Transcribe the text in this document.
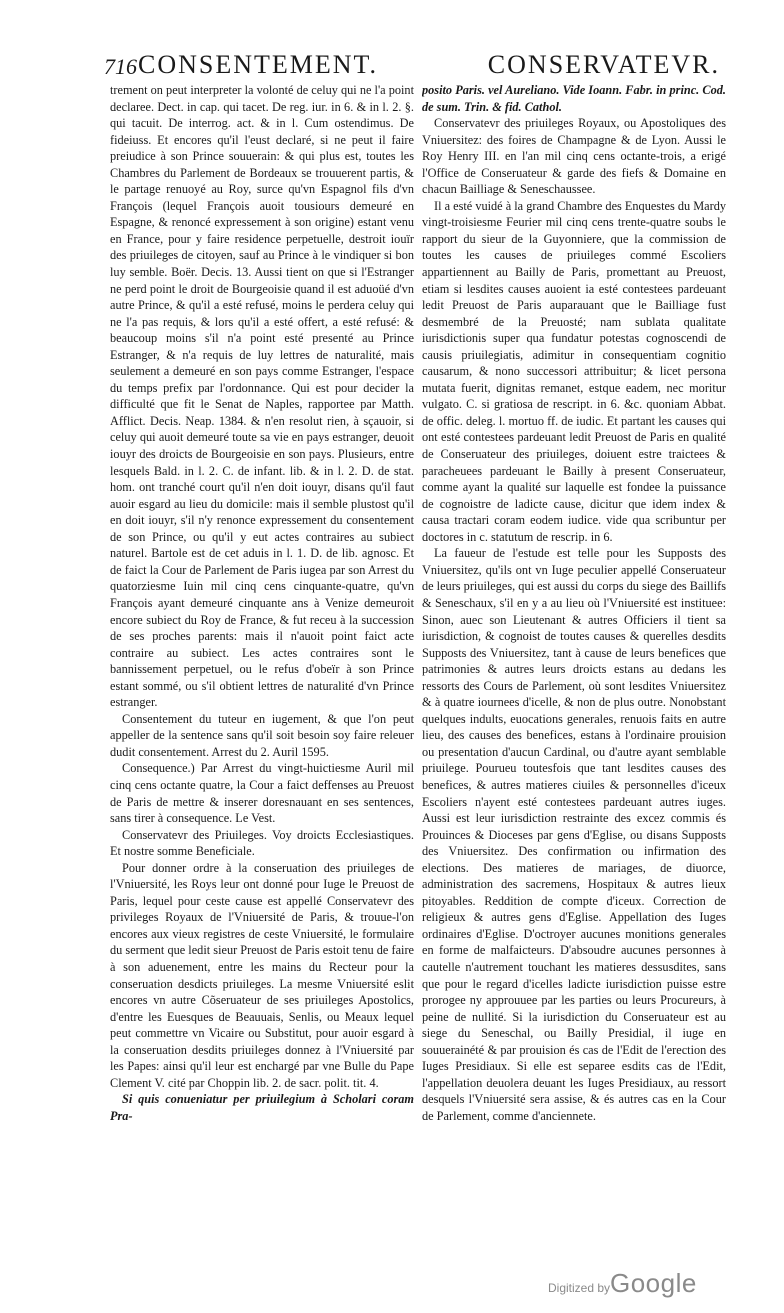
716 CONSENTEMENT.	CONSERVATEVR.

trement on peut interpreter la volonté de celuy qui ne l'a point declaree. Dect. in cap. qui tacet. De reg. iur. in 6. & in l. 2. §. qui tacuit. De interrog. act. & in l. Cum ostendimus. De fideiuss. Et encores qu'il l'eust declaré, si ne peut il faire preiudice à son Prince souuerain: & qui plus est, toutes les Chambres du Parlement de Bordeaux se trouuerent partis, & le partage renuoyé au Roy, surce qu'vn Espagnol fils d'vn François (lequel François auoit tousiours demeuré en Espagne, & renoncé expressement à son origine) estant venu en France, pour y faire residence perpetuelle, destroit iouïr des priuileges de citoyen, sauf au Prince à le vindiquer si bon luy semble. Boër. Decis. 13. Aussi tient on que si l'Estranger ne perd point le droit de Bourgeoisie quand il est aduoüé d'vn autre Prince, & qu'il a esté refusé, moins le perdera celuy qui ne l'a pas requis, & lors qu'il a esté offert, a esté refusé: & beaucoup moins s'il n'a point esté presenté au Prince Estranger, & n'a requis de luy lettres de naturalité, mais seulement a demeuré en son pays comme Estranger, l'espace du temps prefix par l'ordonnance. Qui est pour decider la difficulté que fit le Senat de Naples, rapportee par Matth. Afflict. Decis. Neap. 1384. & n'en resolut rien, à sçauoir, si celuy qui auoit demeuré toute sa vie en pays estranger, deuoit iouyr des droicts de Bourgeoisie en son pays. Plusieurs, entre lesquels Bald. in l. 2. C. de infant. lib. & in l. 2. D. de stat. hom. ont tranché court qu'il n'en doit iouyr, disans qu'il faut auoir esgard au lieu du domicile: mais il semble plustost qu'il en doit iouyr, s'il n'y renonce expressement du consentement de son Prince, ou qu'il y eut actes contraires au subiect naturel. Bartole est de cet aduis in l. 1. D. de lib. agnosc. Et de faict la Cour de Parlement de Paris iugea par son Arrest du quatorziesme Iuin mil cinq cens cinquante-quatre, qu'vn François ayant demeuré cinquante ans à Venize demeuroit encore subiect du Roy de France, & fut receu à la succession de ses proches parents: mais il n'auoit point faict acte contraire au subiect. Les actes contraires sont le bannissement perpetuel, ou le refus d'obeïr à son Prince estant sommé, ou s'il obtient lettres de naturalité d'vn Prince estranger.

Consentement du tuteur en iugement, & que l'on peut appeller de la sentence sans qu'il soit besoin soy faire releuer dudit consentement. Arrest du 2. Auril 1595.

Consequence.) Par Arrest du vingt-huictiesme Auril mil cinq cens octante quatre, la Cour a faict deffenses au Preuost de Paris de mettre & inserer doresnauant en ses sentences, sans tirer à consequence. Le Vest.

Conservatevr des Priuileges. Voy droicts Ecclesiastiques. Et nostre somme Beneficiale.

Pour donner ordre à la conseruation des priuileges de l'Vniuersité, les Roys leur ont donné pour Iuge le Preuost de Paris, lequel pour ceste cause est appellé Conservatevr des privileges Royaux de l'Vniuersité de Paris, & trouue-l'on encores aux vieux registres de ceste Vniuersité, le formulaire du serment que ledit sieur Preuost de Paris estoit tenu de faire à son aduenement, entre les mains du Recteur pour la conseruation desdicts priuileges. La mesme Vniuersité eslit encores vn autre Cõseruateur de ses priuileges Apostolics, d'entre les Euesques de Beauuais, Senlis, ou Meaux lequel peut commettre vn Vicaire ou Substitut, pour auoir esgard à la conseruation desdits priuileges donnez à l'Vniuersité par les Papes: ainsi qu'il leur est enchargé par vne Bulle du Pape Clement V. cité par Choppin lib. 2. de sacr. polit. tit. 4.

Si quis conueniatur per priuilegium à Scholari coram Pra-

posito Paris. vel Aureliano. Vide Ioann. Fabr. in princ. Cod. de sum. Trin. & fid. Cathol.

Conservatevr des priuileges Royaux, ou Apostoliques des Vniuersitez: des foires de Champagne & de Lyon. Aussi le Roy Henry III. en l'an mil cinq cens octante-trois, a erigé l'Office de Conseruateur & garde des fiefs & Domaine en chacun Bailliage & Seneschaussee.

Il a esté vuidé à la grand Chambre des Enquestes du Mardy vingt-troisiesme Feurier mil cinq cens trente-quatre soubs le rapport du sieur de la Guyonniere, que la commission de toutes les causes de priuileges commé Escoliers appartiennent au Bailly de Paris, promettant au Preuost, etiam si lesdites causes auoient ia esté contestees pardeuant ledit Preuost de Paris auparauant que le Bailliage fust desmembré de la Preuosté; nam sublata qualitate iurisdictionis super qua fundatur potestas cognoscendi de causis priuilegiatis, adimitur in consequentiam cognitio causarum, & nono successori attribuitur; & licet persona mutata fuerit, dignitas remanet, estque eadem, nec moritur vulgato. C. si gratiosa de rescript. in 6. &c. quoniam Abbat. de offic. deleg. l. mortuo ff. de iudic. Et partant les causes qui ont esté contestees pardeuant ledit Preuost de Paris en qualité de Conseruateur des priuileges, doiuent estre traictees & paracheuees pardeuant le Bailly à present Conseruateur, comme ayant la qualité sur laquelle est fondee la puissance de cognoistre de ladicte cause, dicitur que idem index & causa tractari coram eodem iudice. vide qua scribuntur per doctores in c. statutum de rescrip. in 6.

La faueur de l'estude est telle pour les Supposts des Vniuersitez, qu'ils ont vn Iuge peculier appellé Conseruateur de leurs priuileges, qui est aussi du corps du siege des Baillifs & Seneschaux, s'il en y a au lieu où l'Vniuersité est instituee: Sinon, auec son Lieutenant & autres Officiers il tient sa iurisdiction, & cognoist de toutes causes & querelles desdits Supposts des Vniuersitez, tant à cause de leurs benefices que patrimonies & autres leurs droicts estans au dedans les ressorts des Cours de Parlement, où sont lesdites Vniuersitez & à quatre iournees d'icelle, & non de plus outre. Nonobstant quelques indults, euocations generales, renuois faits en autre lieu, des causes des benefices, estans à l'ordinaire prouision ou presentation d'aucun Cardinal, ou d'autre ayant semblable priuilege. Pourueu toutesfois que tant lesdites causes des benefices, & autres matieres ciuiles & personnelles d'iceux Escoliers n'ayent esté contestees pardeuant autres iuges. Aussi est leur iurisdiction restrainte des excez commis és Prouinces & Dioceses par gens d'Eglise, ou disans Supposts des Vniuersitez. Des confirmation ou infirmation des elections. Des matieres de mariages, de diuorce, administration des sacremens, Hospitaux & autres lieux pitoyables. Reddition de compte d'iceux. Correction de religieux & autres gens d'Eglise. Appellation des Iuges ordinaires d'Eglise. D'octroyer aucunes monitions generales en forme de malfaicteurs. D'absoudre aucunes personnes à cautelle n'autrement touchant les matieres dessusdites, sans que pour le regard d'icelles ladicte iurisdiction puisse estre prorogee ny approuuee par les parties ou leurs Procureurs, à peine de nullité. Si la iurisdiction du Conseruateur est au siege du Seneschal, ou Bailly Presidial, il iuge en souuerainété & par prouision és cas de l'Edit de l'erection des Iuges Presidiaux. Si elle est separee esdits cas de l'Edit, l'appellation deuolera deuant les Iuges Presidiaux, au ressort desquels l'Vniuersité sera assise, & és autres cas en la Cour de Parlement, comme d'anciennete.

Digitized by Google
